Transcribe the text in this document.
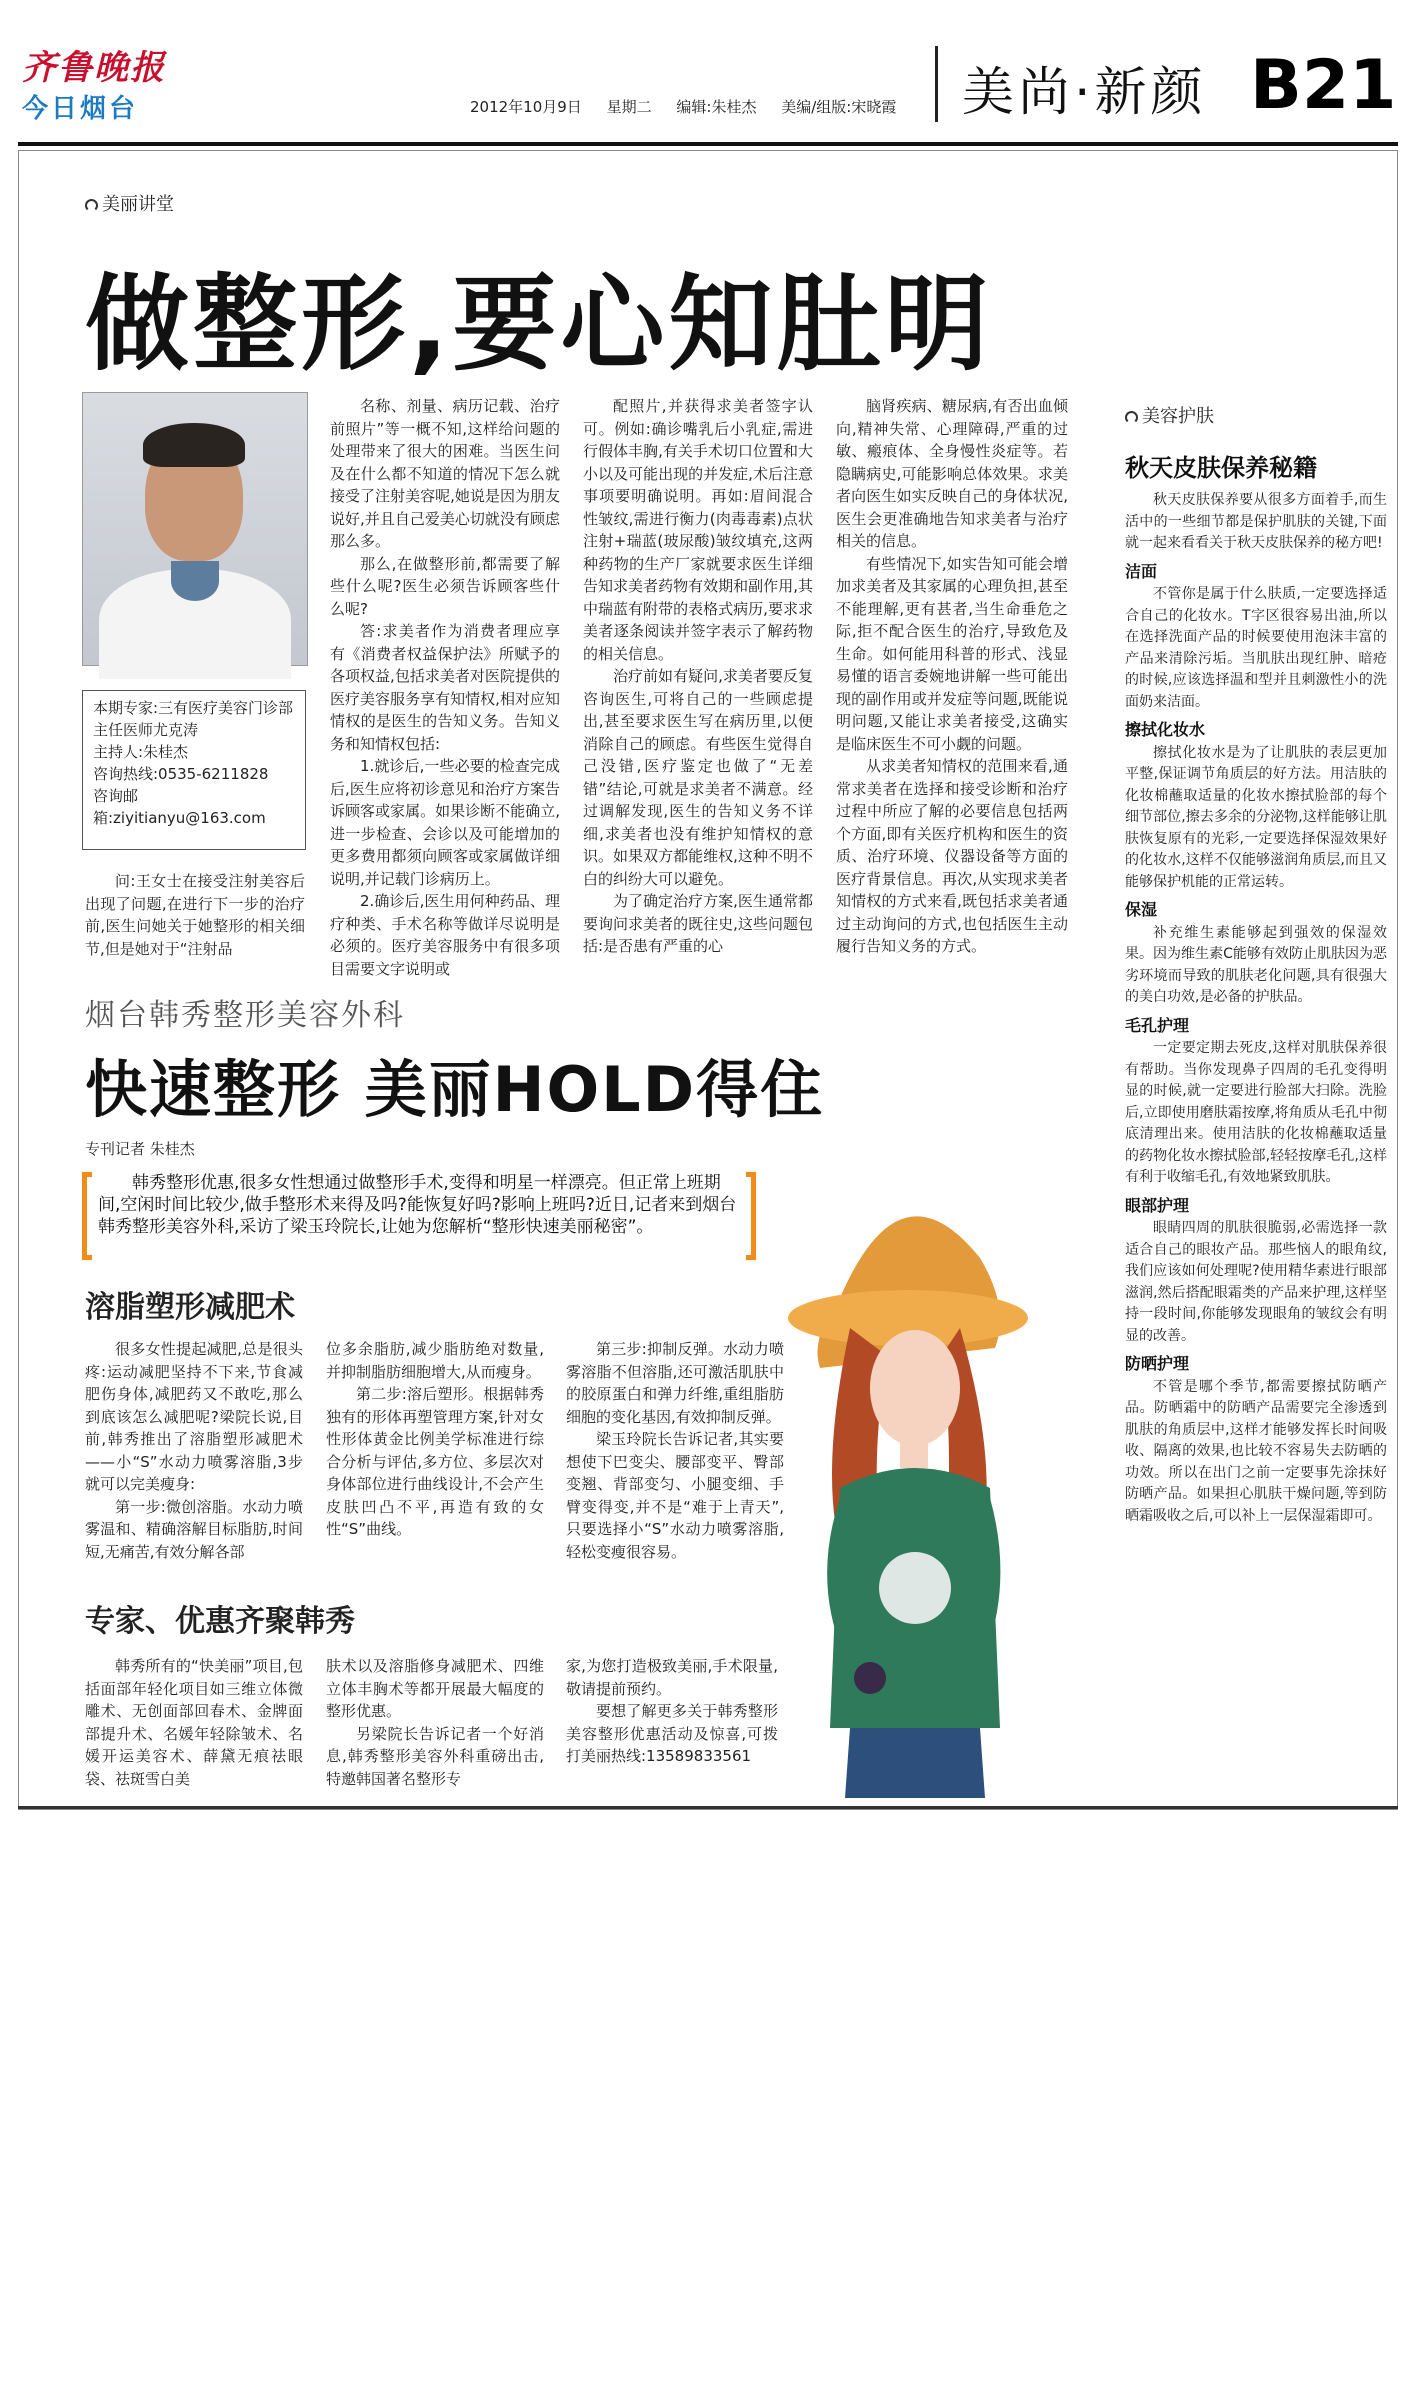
齐鲁晚报
今日烟台	2012年10月9日 星期二 编辑:朱桂杰 美编/组版:宋晓霞	美尚·新颜 B21
美丽讲堂
做整形,要心知肚明
本期专家:三有医疗美容门诊部主任医师尤克涛
主持人:朱桂杰
咨询热线:0535-6211828
咨询邮箱:ziyitianyu@163.com

问:王女士在接受注射美容后出现了问题,在进行下一步的治疗前,医生问她关于她整形的相关细节,但是她对于“注射品

名称、剂量、病历记载、治疗前照片”等一概不知,这样给问题的处理带来了很大的困难。当医生问及在什么都不知道的情况下怎么就接受了注射美容呢,她说是因为朋友说好,并且自己爱美心切就没有顾虑那么多。

那么,在做整形前,都需要了解些什么呢?医生必须告诉顾客些什么呢?

答:求美者作为消费者理应享有《消费者权益保护法》所赋予的各项权益,包括求美者对医院提供的医疗美容服务享有知情权,相对应知情权的是医生的告知义务。告知义务和知情权包括:

1.就诊后,一些必要的检查完成后,医生应将初诊意见和治疗方案告诉顾客或家属。如果诊断不能确立,进一步检查、会诊以及可能增加的更多费用都须向顾客或家属做详细说明,并记载门诊病历上。

2.确诊后,医生用何种药品、理疗种类、手术名称等做详尽说明是必须的。医疗美容服务中有很多项目需要文字说明或

配照片,并获得求美者签字认可。例如:确诊嘴乳后小乳症,需进行假体丰胸,有关手术切口位置和大小以及可能出现的并发症,术后注意事项要明确说明。再如:眉间混合性皱纹,需进行衡力(肉毒毒素)点状注射+瑞蓝(玻尿酸)皱纹填充,这两种药物的生产厂家就要求医生详细告知求美者药物有效期和副作用,其中瑞蓝有附带的表格式病历,要求求美者逐条阅读并签字表示了解药物的相关信息。

治疗前如有疑问,求美者要反复咨询医生,可将自己的一些顾虑提出,甚至要求医生写在病历里,以便消除自己的顾虑。有些医生觉得自己没错,医疗鉴定也做了“无差错”结论,可就是求美者不满意。经过调解发现,医生的告知义务不详细,求美者也没有维护知情权的意识。如果双方都能维权,这种不明不白的纠纷大可以避免。

为了确定治疗方案,医生通常都要询问求美者的既往史,这些问题包括:是否患有严重的心

脑肾疾病、糖尿病,有否出血倾向,精神失常、心理障碍,严重的过敏、瘢痕体、全身慢性炎症等。若隐瞒病史,可能影响总体效果。求美者向医生如实反映自己的身体状况,医生会更准确地告知求美者与治疗相关的信息。

有些情况下,如实告知可能会增加求美者及其家属的心理负担,甚至不能理解,更有甚者,当生命垂危之际,拒不配合医生的治疗,导致危及生命。如何能用科普的形式、浅显易懂的语言委婉地讲解一些可能出现的副作用或并发症等问题,既能说明问题,又能让求美者接受,这确实是临床医生不可小觑的问题。

从求美者知情权的范围来看,通常求美者在选择和接受诊断和治疗过程中所应了解的必要信息包括两个方面,即有关医疗机构和医生的资质、治疗环境、仪器设备等方面的医疗背景信息。再次,从实现求美者知情权的方式来看,既包括求美者通过主动询问的方式,也包括医生主动履行告知义务的方式。

烟台韩秀整形美容外科
快速整形 美丽HOLD得住
专刊记者 朱桂杰
韩秀整形优惠,很多女性想通过做整形手术,变得和明星一样漂亮。但正常上班期间,空闲时间比较少,做手整形术来得及吗?能恢复好吗?影响上班吗?近日,记者来到烟台韩秀整形美容外科,采访了梁玉玲院长,让她为您解析“整形快速美丽秘密”。
溶脂塑形减肥术

很多女性提起减肥,总是很头疼:运动减肥坚持不下来,节食减肥伤身体,减肥药又不敢吃,那么到底该怎么减肥呢?梁院长说,目前,韩秀推出了溶脂塑形减肥术——小“S”水动力喷雾溶脂,3步就可以完美瘦身:

第一步:微创溶脂。水动力喷雾温和、精确溶解目标脂肪,时间短,无痛苦,有效分解各部

位多余脂肪,减少脂肪绝对数量,并抑制脂肪细胞增大,从而瘦身。

第二步:溶后塑形。根据韩秀独有的形体再塑管理方案,针对女性形体黄金比例美学标准进行综合分析与评估,多方位、多层次对身体部位进行曲线设计,不会产生皮肤凹凸不平,再造有致的女性“S”曲线。

第三步:抑制反弹。水动力喷雾溶脂不但溶脂,还可激活肌肤中的胶原蛋白和弹力纤维,重组脂肪细胞的变化基因,有效抑制反弹。

梁玉玲院长告诉记者,其实要想使下巴变尖、腰部变平、臀部变翘、背部变匀、小腿变细、手臂变得变,并不是“难于上青天”,只要选择小“S”水动力喷雾溶脂,轻松变瘦很容易。

专家、优惠齐聚韩秀

韩秀所有的“快美丽”项目,包括面部年轻化项目如三维立体微雕术、无创面部回春术、金牌面部提升术、名媛年轻除皱术、名媛开运美容术、薛黛无痕祛眼袋、祛斑雪白美

肤术以及溶脂修身减肥术、四维立体丰胸术等都开展最大幅度的整形优惠。

另梁院长告诉记者一个好消息,韩秀整形美容外科重磅出击,特邀韩国著名整形专

家,为您打造极致美丽,手术限量,敬请提前预约。

要想了解更多关于韩秀整形美容整形优惠活动及惊喜,可拨打美丽热线:13589833561

美容护肤
秋天皮肤保养秘籍

秋天皮肤保养要从很多方面着手,而生活中的一些细节都是保护肌肤的关键,下面就一起来看看关于秋天皮肤保养的秘方吧!

洁面

不管你是属于什么肤质,一定要选择适合自己的化妆水。T字区很容易出油,所以在选择洗面产品的时候要使用泡沫丰富的产品来清除污垢。当肌肤出现红肿、暗疮的时候,应该选择温和型并且刺激性小的洗面奶来洁面。

擦拭化妆水

擦拭化妆水是为了让肌肤的表层更加平整,保证调节角质层的好方法。用洁肤的化妆棉蘸取适量的化妆水擦拭脸部的每个细节部位,擦去多余的分泌物,这样能够让肌肤恢复原有的光彩,一定要选择保湿效果好的化妆水,这样不仅能够滋润角质层,而且又能够保护机能的正常运转。

保湿

补充维生素能够起到强效的保湿效果。因为维生素C能够有效防止肌肤因为恶劣环境而导致的肌肤老化问题,具有很强大的美白功效,是必备的护肤品。

毛孔护理

一定要定期去死皮,这样对肌肤保养很有帮助。当你发现鼻子四周的毛孔变得明显的时候,就一定要进行脸部大扫除。洗脸后,立即使用磨肤霜按摩,将角质从毛孔中彻底清理出来。使用洁肤的化妆棉蘸取适量的药物化妆水擦拭脸部,轻轻按摩毛孔,这样有利于收缩毛孔,有效地紧致肌肤。

眼部护理

眼睛四周的肌肤很脆弱,必需选择一款适合自己的眼妆产品。那些恼人的眼角纹,我们应该如何处理呢?使用精华素进行眼部滋润,然后搭配眼霜类的产品来护理,这样坚持一段时间,你能够发现眼角的皱纹会有明显的改善。

防晒护理

不管是哪个季节,都需要擦拭防晒产品。防晒霜中的防晒产品需要完全渗透到肌肤的角质层中,这样才能够发挥长时间吸收、隔离的效果,也比较不容易失去防晒的功效。所以在出门之前一定要事先涂抹好防晒产品。如果担心肌肤干燥问题,等到防晒霜吸收之后,可以补上一层保湿霜即可。
